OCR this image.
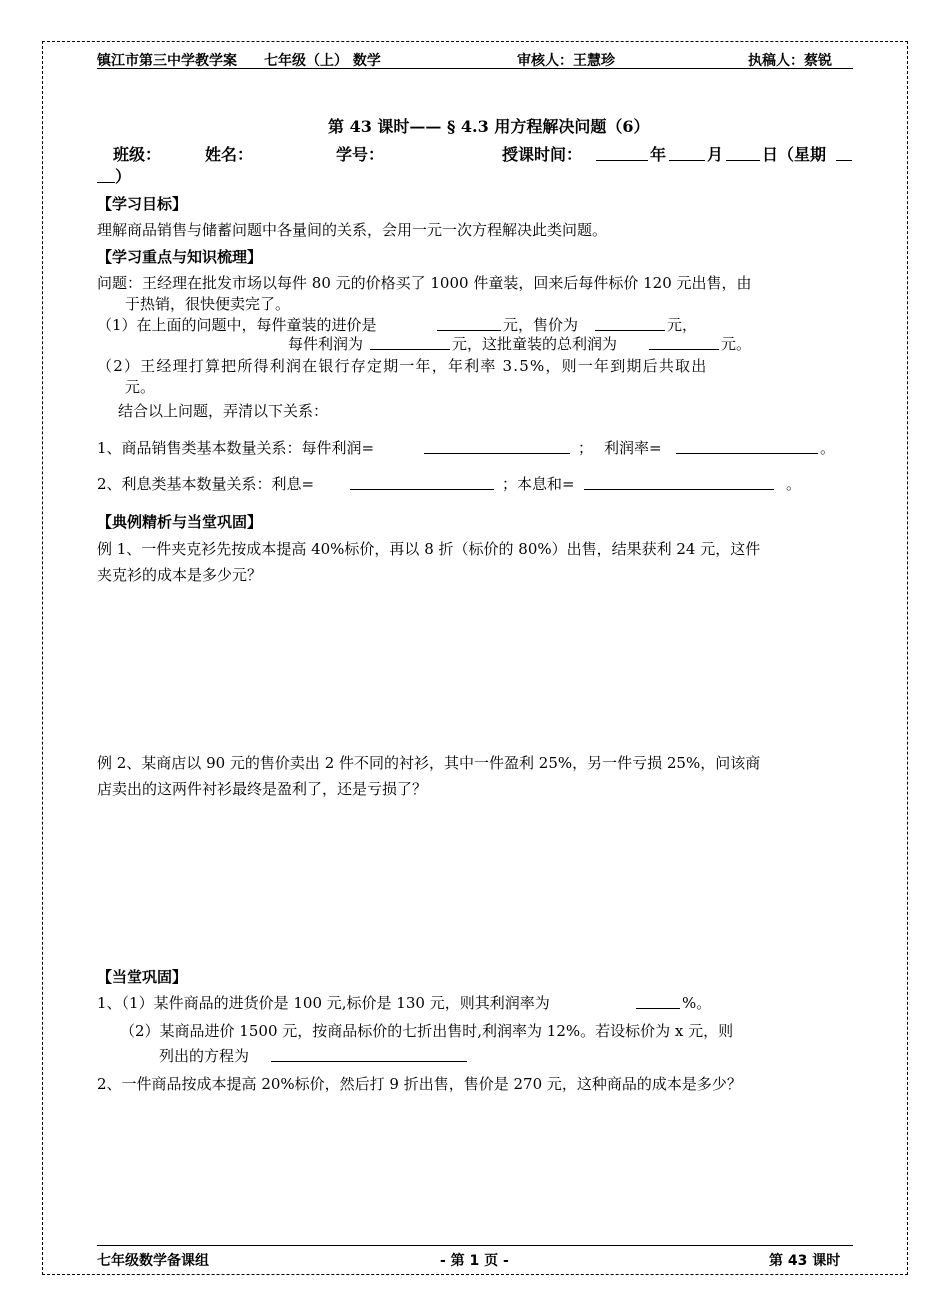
镇江市第三中学教学案 七年级（上） 数学	审核人：王慧珍	执稿人：蔡锐
第 43 课时—— § 4.3 用方程解决问题（6）
班级：	姓名：	学号：	授课时间：	年	月 日（星期
）
【学习目标】
理解商品销售与储蓄问题中各量间的关系，会用一元一次方程解决此类问题。
【学习重点与知识梳理】
问题：王经理在批发市场以每件 80 元的价格买了 1000 件童装，回来后每件标价 120 元出售，由
于热销，很快便卖完了。
（1）在上面的问题中，每件童装的进价是	元，售价为	元，
每件利润为	元，这批童装的总利润为	元。
（2）王经理打算把所得利润在银行存定期一年，年利率 3.5%，则一年到期后共取出
元。
结合以上问题，弄清以下关系：
1、商品销售类基本数量关系：每件利润=	； 利润率=	。
2、利息类基本数量关系：利息=	；本息和=	。
【典例精析与当堂巩固】
例 1、一件夹克衫先按成本提高 40%标价，再以 8 折（标价的 80%）出售，结果获利 24 元，这件
夹克衫的成本是多少元？
例 2、某商店以 90 元的售价卖出 2 件不同的衬衫，其中一件盈利 25%，另一件亏损 25%，问该商
店卖出的这两件衬衫最终是盈利了，还是亏损了？
【当堂巩固】
1、（1）某件商品的进货价是 100 元,标价是 130 元，则其利润率为	%。
（2）某商品进价 1500 元，按商品标价的七折出售时,利润率为 12%。若设标价为 x 元，则
列出的方程为
2、一件商品按成本提高 20%标价，然后打 9 折出售，售价是 270 元，这种商品的成本是多少？
七年级数学备课组	- 第 1 页 -	第 43 课时
